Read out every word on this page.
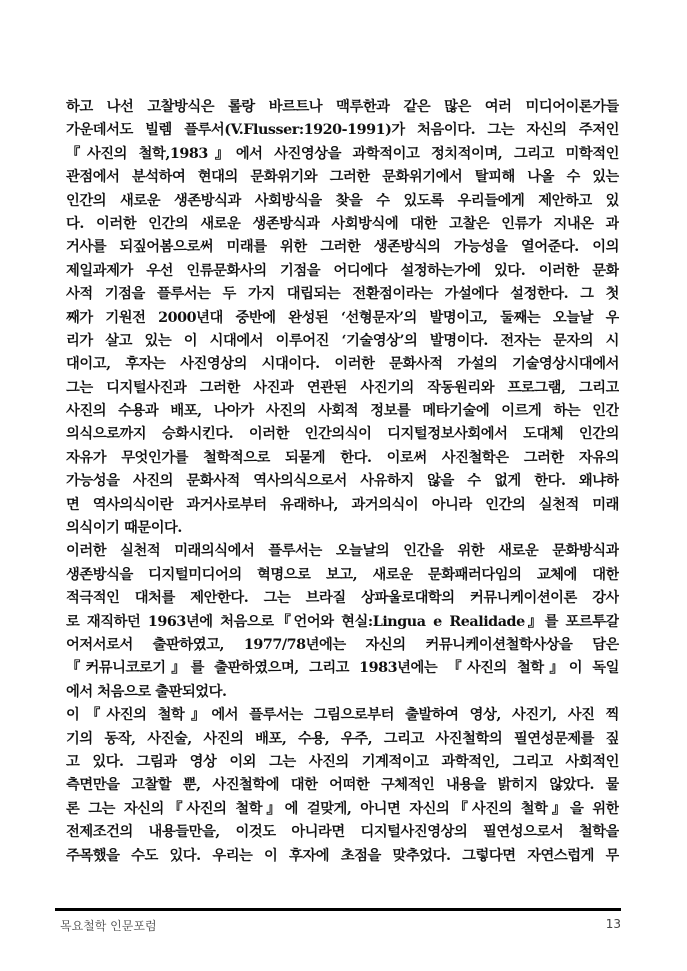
하고 나선 고찰방식은 롤랑 바르트나 맥루한과 같은 많은 여러 미디어이론가들
가운데서도 빌렘 플루서(V.Flusser:1920-1991)가 처음이다. 그는 자신의 주저인
『사진의 철학,1983』에서 사진영상을 과학적이고 정치적이며, 그리고 미학적인
관점에서 분석하여 현대의 문화위기와 그러한 문화위기에서 탈피해 나올 수 있는
인간의 새로운 생존방식과 사회방식을 찾을 수 있도록 우리들에게 제안하고 있
다. 이러한 인간의 새로운 생존방식과 사회방식에 대한 고찰은 인류가 지내온 과
거사를 되짚어봄으로써 미래를 위한 그러한 생존방식의 가능성을 열어준다. 이의
제일과제가 우선 인류문화사의 기점을 어디에다 설정하는가에 있다. 이러한 문화
사적 기점을 플루서는 두 가지 대립되는 전환점이라는 가설에다 설정한다. 그 첫
째가 기원전 2000년대 중반에 완성된 ‘선형문자’의 발명이고, 둘째는 오늘날 우
리가 살고 있는 이 시대에서 이루어진 ‘기술영상’의 발명이다. 전자는 문자의 시
대이고, 후자는 사진영상의 시대이다. 이러한 문화사적 가설의 기술영상시대에서
그는 디지털사진과 그러한 사진과 연관된 사진기의 작동원리와 프로그램, 그리고
사진의 수용과 배포, 나아가 사진의 사회적 정보를 메타기술에 이르게 하는 인간
의식으로까지 승화시킨다. 이러한 인간의식이 디지털정보사회에서 도대체 인간의
자유가 무엇인가를 철학적으로 되묻게 한다. 이로써 사진철학은 그러한 자유의
가능성을 사진의 문화사적 역사의식으로서 사유하지 않을 수 없게 한다. 왜냐하
면 역사의식이란 과거사로부터 유래하나, 과거의식이 아니라 인간의 실천적 미래
의식이기 때문이다.
이러한 실천적 미래의식에서 플루서는 오늘날의 인간을 위한 새로운 문화방식과
생존방식을 디지털미디어의 혁명으로 보고, 새로운 문화패러다임의 교체에 대한
적극적인 대처를 제안한다. 그는 브라질 상파울로대학의 커뮤니케이션이론 강사
로 재직하던 1963년에 처음으로『언어와 현실:Lingua e Realidade』를 포르투갈
어저서로서 출판하였고, 1977/78년에는 자신의 커뮤니케이션철학사상을 담은
『커뮤니코로기』를 출판하였으며, 그리고 1983년에는 『사진의 철학』이 독일
에서 처음으로 출판되었다.
이『사진의 철학』에서 플루서는 그림으로부터 출발하여 영상, 사진기, 사진 찍
기의 동작, 사진술, 사진의 배포, 수용, 우주, 그리고 사진철학의 필연성문제를 짚
고 있다. 그림과 영상 이외 그는 사진의 기계적이고 과학적인, 그리고 사회적인
측면만을 고찰할 뿐, 사진철학에 대한 어떠한 구체적인 내용을 밝히지 않았다. 물
론 그는 자신의『사진의 철학』에 걸맞게, 아니면 자신의『사진의 철학』을 위한
전제조건의 내용들만을, 이것도 아니라면 디지털사진영상의 필연성으로서 철학을
주목했을 수도 있다. 우리는 이 후자에 초점을 맞추었다. 그렇다면 자연스럽게 무
목요철학 인문포럼	13
